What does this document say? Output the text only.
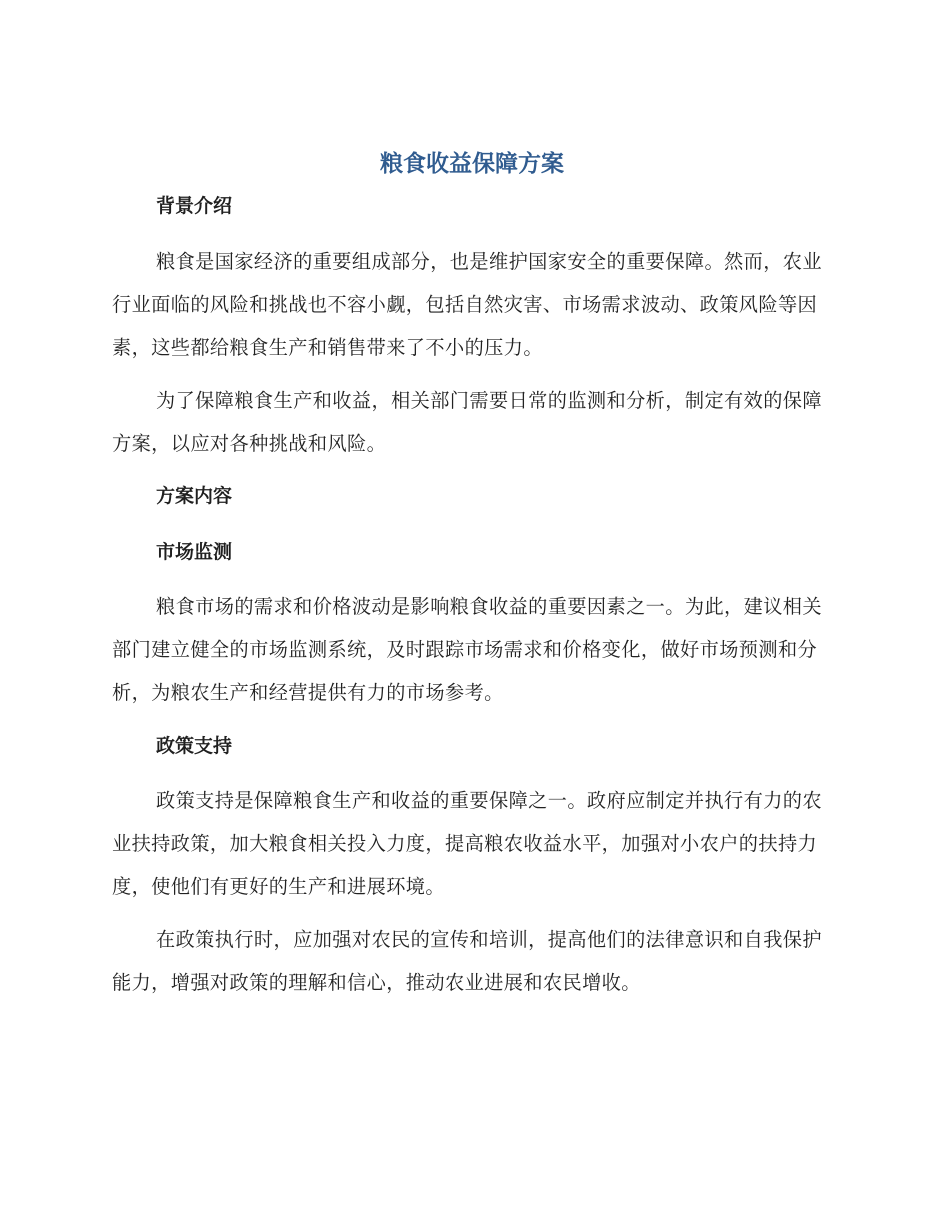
粮食收益保障方案
背景介绍

粮食是国家经济的重要组成部分，也是维护国家安全的重要保障。然而，农业行业面临的风险和挑战也不容小觑，包括自然灾害、市场需求波动、政策风险等因素，这些都给粮食生产和销售带来了不小的压力。

为了保障粮食生产和收益，相关部门需要日常的监测和分析，制定有效的保障方案，以应对各种挑战和风险。

方案内容
市场监测

粮食市场的需求和价格波动是影响粮食收益的重要因素之一。为此，建议相关部门建立健全的市场监测系统，及时跟踪市场需求和价格变化，做好市场预测和分析，为粮农生产和经营提供有力的市场参考。

政策支持

政策支持是保障粮食生产和收益的重要保障之一。政府应制定并执行有力的农业扶持政策，加大粮食相关投入力度，提高粮农收益水平，加强对小农户的扶持力度，使他们有更好的生产和进展环境。

在政策执行时，应加强对农民的宣传和培训，提高他们的法律意识和自我保护能力，增强对政策的理解和信心，推动农业进展和农民增收。
